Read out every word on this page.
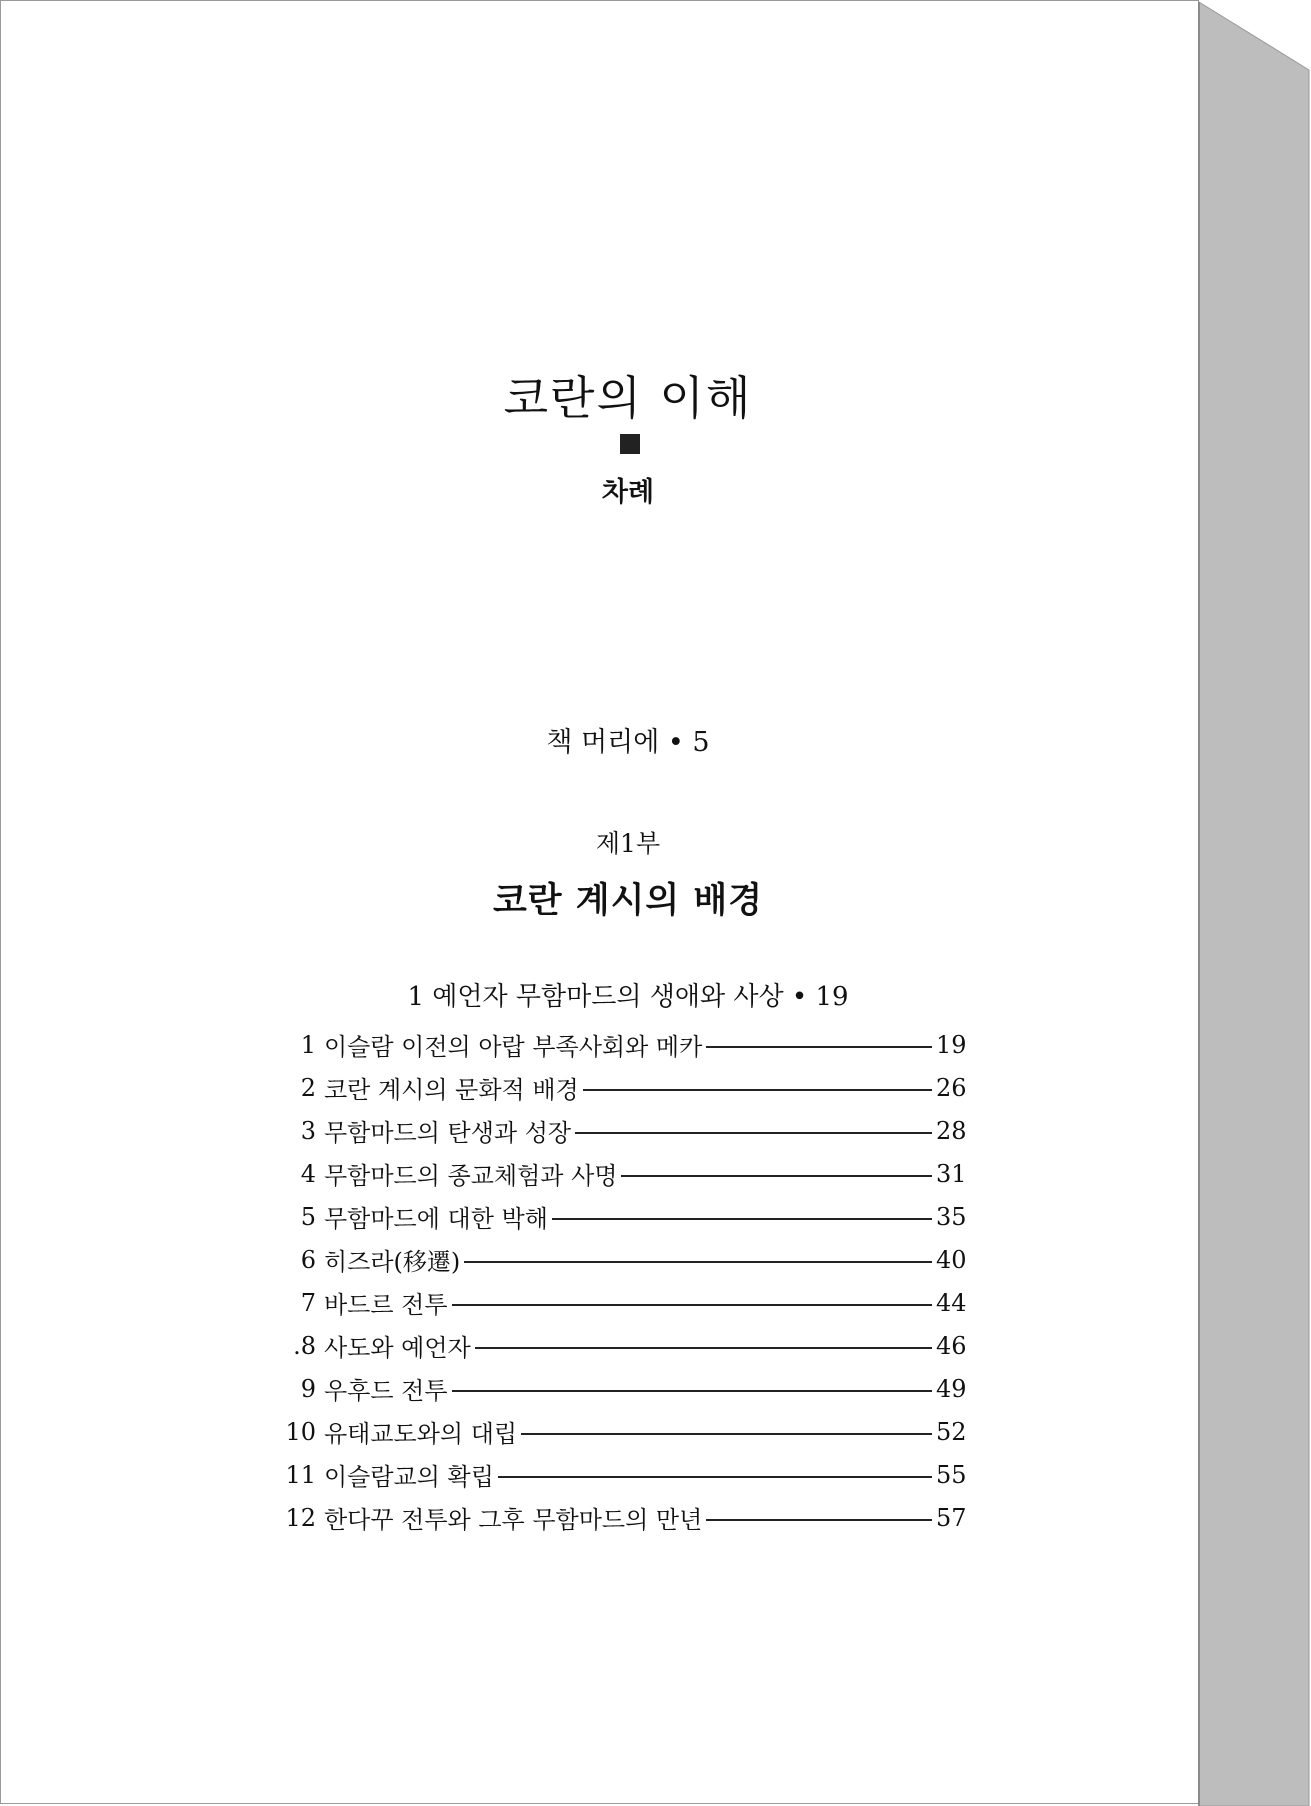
코란의 이해
차례
책 머리에 • 5
제1부
코란 계시의 배경
1 예언자 무함마드의 생애와 사상 • 19
1 이슬람 이전의 아랍 부족사회와 메카	19
2 코란 계시의 문화적 배경	26
3 무함마드의 탄생과 성장	28
4 무함마드의 종교체험과 사명	31
5 무함마드에 대한 박해	35
6 히즈라(移遷)	40
7 바드르 전투	44
.8 사도와 예언자	46
9 우후드 전투	49
10 유태교도와의 대립	52
11 이슬람교의 확립	55
12 한다꾸 전투와 그후 무함마드의 만년	57
